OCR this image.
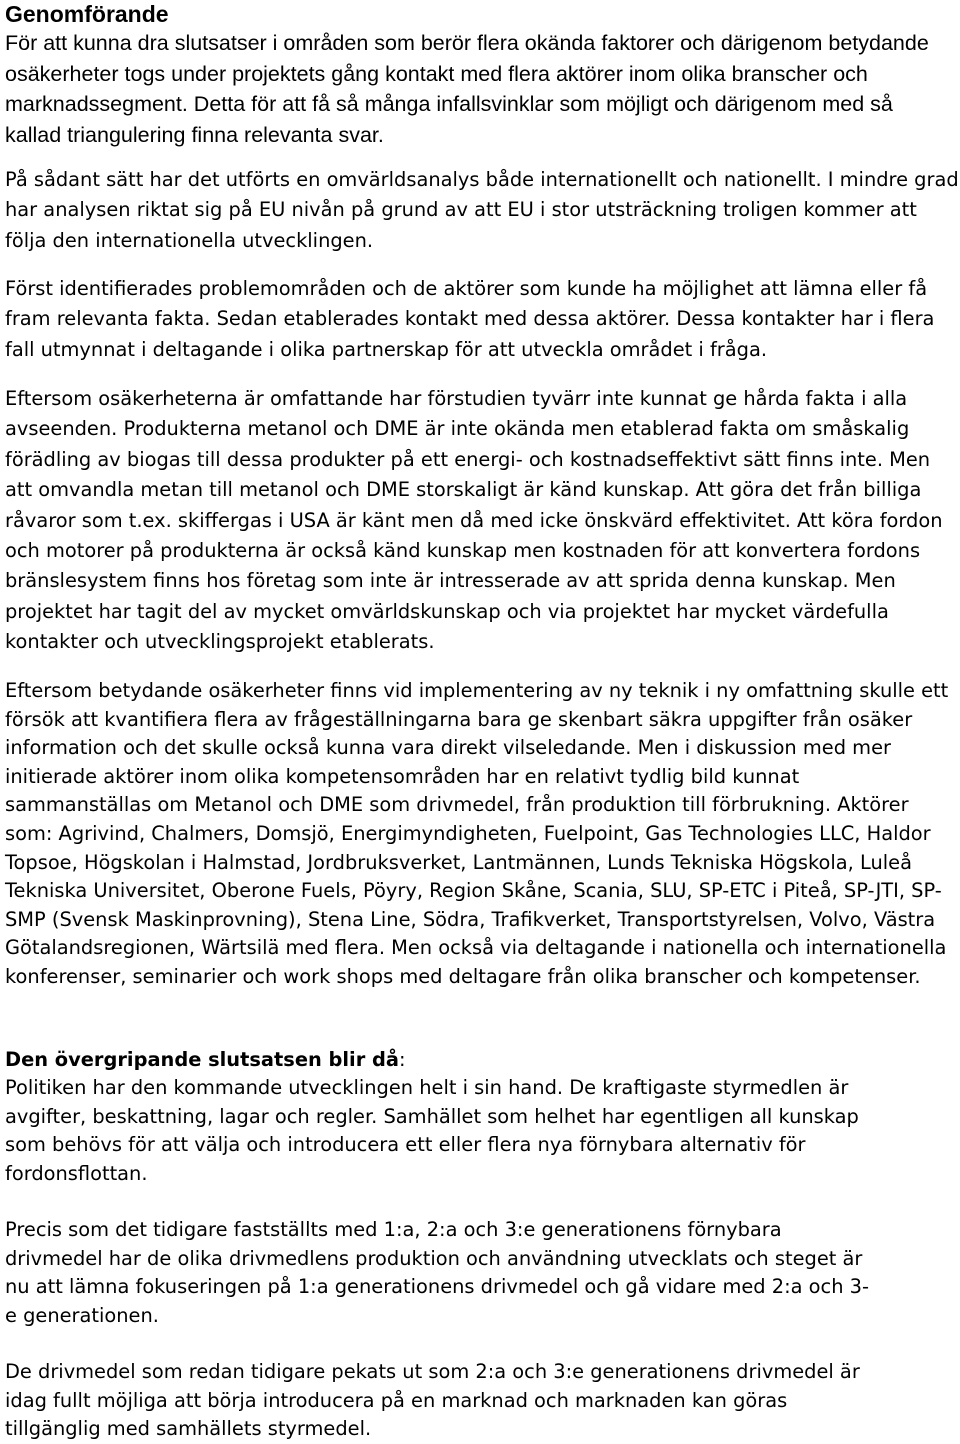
Genomförande

För att kunna dra slutsatser i områden som berör flera okända faktorer och därigenom betydande osäkerheter togs under projektets gång kontakt med flera aktörer inom olika branscher och marknadssegment. Detta för att få så många infallsvinklar som möjligt och därigenom med så kallad triangulering finna relevanta svar.

På sådant sätt har det utförts en omvärldsanalys både internationellt och nationellt. I mindre grad har analysen riktat sig på EU nivån på grund av att EU i stor utsträckning troligen kommer att följa den internationella utvecklingen.

Först identifierades problemområden och de aktörer som kunde ha möjlighet att lämna eller få fram relevanta fakta. Sedan etablerades kontakt med dessa aktörer. Dessa kontakter har i flera fall utmynnat i deltagande i olika partnerskap för att utveckla området i fråga.

Eftersom osäkerheterna är omfattande har förstudien tyvärr inte kunnat ge hårda fakta i alla avseenden. Produkterna metanol och DME är inte okända men etablerad fakta om småskalig förädling av biogas till dessa produkter på ett energi- och kostnadseffektivt sätt finns inte. Men att omvandla metan till metanol och DME storskaligt är känd kunskap. Att göra det från billiga råvaror som t.ex. skiffergas i USA är känt men då med icke önskvärd effektivitet. Att köra fordon och motorer på produkterna är också känd kunskap men kostnaden för att konvertera fordons bränslesystem finns hos företag som inte är intresserade av att sprida denna kunskap. Men projektet har tagit del av mycket omvärldskunskap och via projektet har mycket värdefulla kontakter och utvecklingsprojekt etablerats.

Eftersom betydande osäkerheter finns vid implementering av ny teknik i ny omfattning skulle ett försök att kvantifiera flera av frågeställningarna bara ge skenbart säkra uppgifter från osäker information och det skulle också kunna vara direkt vilseledande. Men i diskussion med mer initierade aktörer inom olika kompetensområden har en relativt tydlig bild kunnat sammanställas om Metanol och DME som drivmedel, från produktion till förbrukning. Aktörer som: Agrivind, Chalmers, Domsjö, Energimyndigheten, Fuelpoint, Gas Technologies LLC, Haldor Topsoe, Högskolan i Halmstad, Jordbruksverket, Lantmännen, Lunds Tekniska Högskola, Luleå Tekniska Universitet, Oberone Fuels, Pöyry, Region Skåne, Scania, SLU, SP-ETC i Piteå, SP-JTI, SP- SMP (Svensk Maskinprovning), Stena Line, Södra, Trafikverket, Transportstyrelsen, Volvo, Västra Götalandsregionen, Wärtsilä med flera. Men också via deltagande i nationella och internationella konferenser, seminarier och work shops med deltagare från olika branscher och kompetenser.

Den övergripande slutsatsen blir då:

Politiken har den kommande utvecklingen helt i sin hand. De kraftigaste styrmedlen är avgifter, beskattning, lagar och regler. Samhället som helhet har egentligen all kunskap som behövs för att välja och introducera ett eller flera nya förnybara alternativ för fordonsflottan.

Precis som det tidigare fastställts med 1:a, 2:a och 3:e generationens förnybara drivmedel har de olika drivmedlens produktion och användning utvecklats och steget är nu att lämna fokuseringen på 1:a generationens drivmedel och gå vidare med 2:a och 3-e generationen.

De drivmedel som redan tidigare pekats ut som 2:a och 3:e generationens drivmedel är idag fullt möjliga att börja introducera på en marknad och marknaden kan göras tillgänglig med samhällets styrmedel.
